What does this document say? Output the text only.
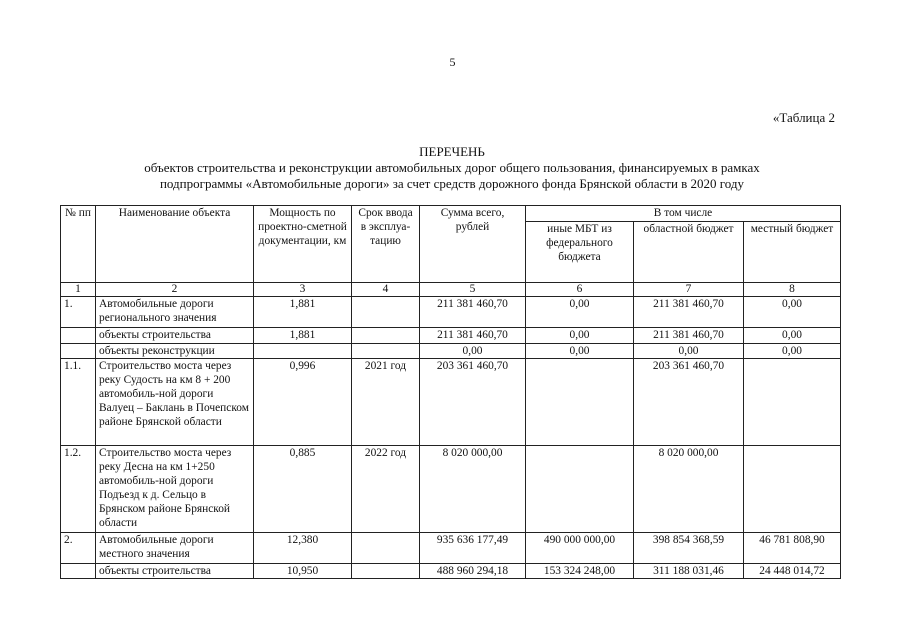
5
«Таблица 2
ПЕРЕЧЕНЬ
объектов строительства и реконструкции автомобильных дорог общего пользования, финансируемых в рамках
подпрограммы «Автомобильные дороги» за счет средств дорожного фонда Брянской области в 2020 году
№ пп	Наименование объекта	Мощность по проектно-сметной документации, км	Срок ввода в эксплуа-тацию	Сумма всего, рублей	В том числе		
					иные МБТ из федерального бюджета	областной бюджет	местный бюджет
1	2	3	4	5	6	7	8
1.	Автомобильные дороги регионального значения	1,881		211 381 460,70	0,00	211 381 460,70	0,00
	объекты строительства	1,881		211 381 460,70	0,00	211 381 460,70	0,00
	объекты реконструкции			0,00	0,00	0,00	0,00
1.1.	Строительство моста через реку Судость на км 8 + 200 автомобиль-ной дороги Валуец – Баклань в Почепском районе Брянской области	0,996	2021 год	203 361 460,70		203 361 460,70	
1.2.	Строительство моста через реку Десна на км 1+250 автомобиль-ной дороги Подъезд к д. Сельцо в Брянском районе Брянской области	0,885	2022 год	8 020 000,00		8 020 000,00	
2.	Автомобильные дороги местного значения	12,380		935 636 177,49	490 000 000,00	398 854 368,59	46 781 808,90
	объекты строительства	10,950		488 960 294,18	153 324 248,00	311 188 031,46	24 448 014,72
